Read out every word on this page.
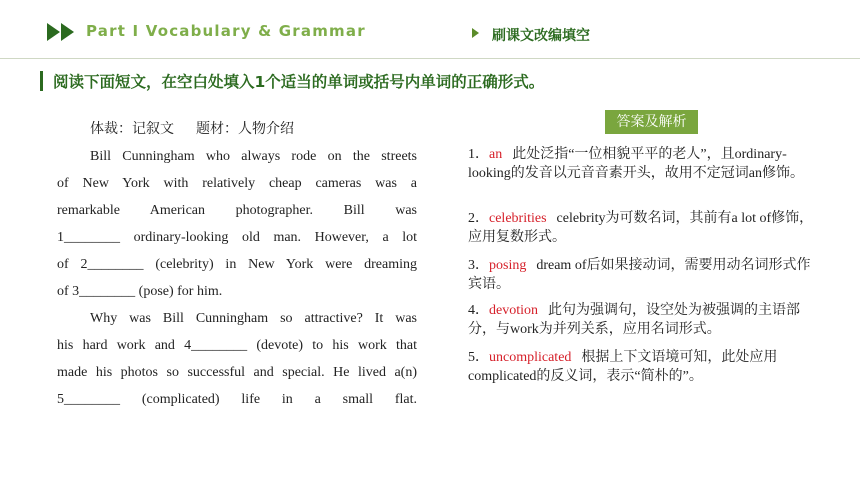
Part Ⅰ Vocabulary & Grammar	刷课文改编填空
阅读下面短文，在空白处填入1个适当的单词或括号内单词的正确形式。
体裁：记叙文 题材：人物介绍
Bill Cunningham who always rode on the streets
of New York with relatively cheap cameras was a
remarkable American photographer. Bill was
1________ ordinary-looking old man. However, a lot
of 2________ (celebrity) in New York were dreaming
of 3________ (pose) for him.
Why was Bill Cunningham so attractive? It was
his hard work and 4________ (devote) to his work that
made his photos so successful and special. He lived a(n)
5________ (complicated) life in a small flat.
答案及解析
1．an 此处泛指“一位相貌平平的老人”，且ordinary-looking的发音以元音音素开头，故用不定冠词an修饰。
2．celebrities celebrity为可数名词，其前有a lot of修饰，应用复数形式。
3．posing dream of后如果接动词，需要用动名词形式作宾语。
4．devotion 此句为强调句，设空处为被强调的主语部分，与work为并列关系，应用名词形式。
5．uncomplicated 根据上下文语境可知，此处应用complicated的反义词，表示“简朴的”。
